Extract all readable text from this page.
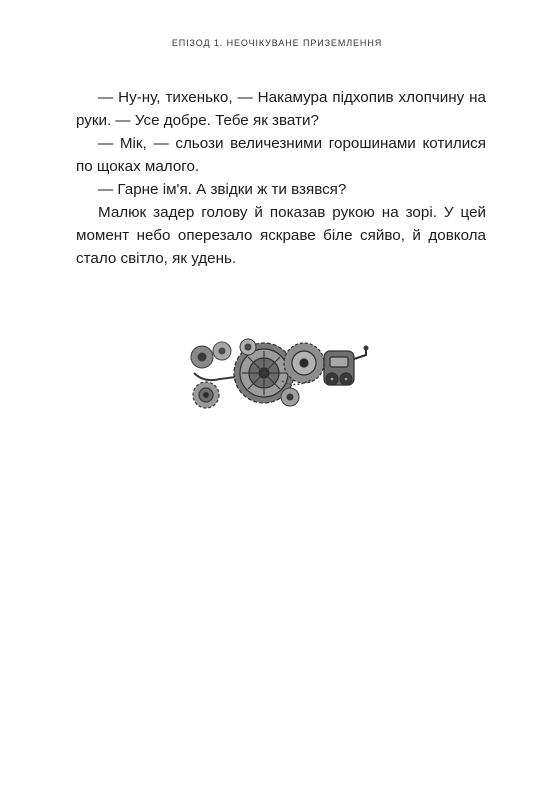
ЕПІЗОД 1. НЕОЧІКУВАНЕ ПРИЗЕМЛЕННЯ

— Ну-ну, тихенько, — Накамура підхопив хлопчину на руки. — Усе добре. Тебе як звати?

— Мік, — сльози величезними горошинами котилися по щоках малого.

— Гарне ім'я. А звідки ж ти взявся?

Малюк задер голову й показав рукою на зорі. У цей момент небо оперезало яскраве біле сяйво, й довкола стало світло, як удень.
